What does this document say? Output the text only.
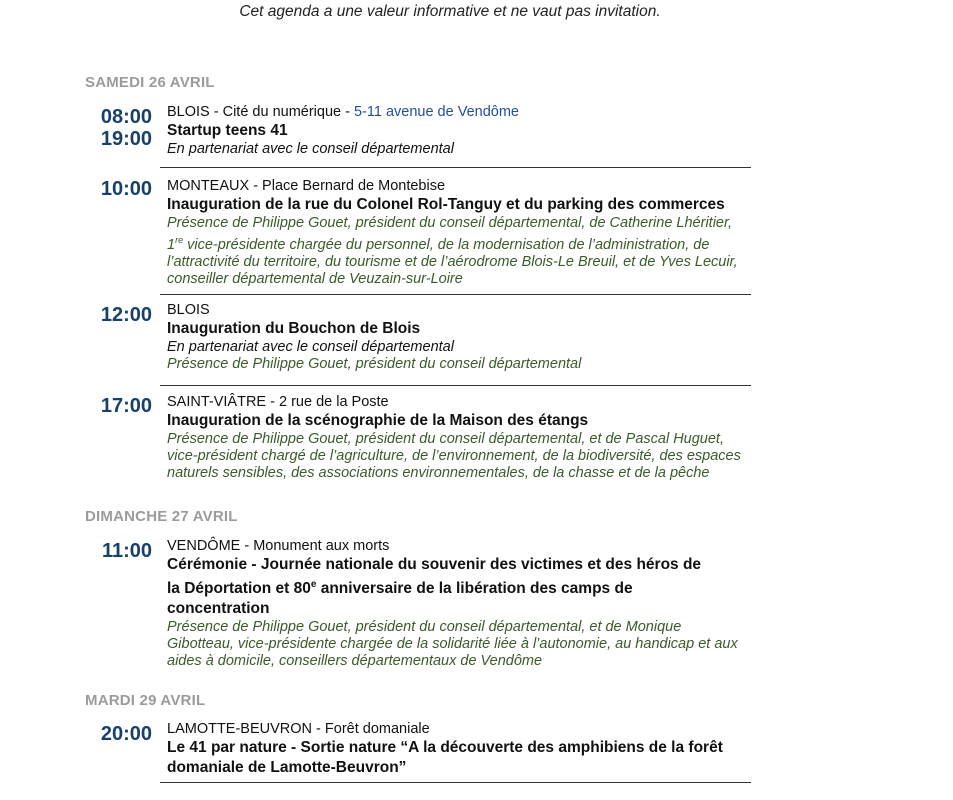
Cet agenda a une valeur informative et ne vaut pas invitation.
SAMEDI 26 AVRIL
08:00
19:00
BLOIS - Cité du numérique - 5-11 avenue de Vendôme
Startup teens 41
En partenariat avec le conseil départemental
10:00 MONTEAUX - Place Bernard de Montebise
Inauguration de la rue du Colonel Rol-Tanguy et du parking des commerces
Présence de Philippe Gouet, président du conseil départemental, de Catherine Lhéritier,
1re vice-présidente chargée du personnel, de la modernisation de l’administration, de
l’attractivité du territoire, du tourisme et de l’aérodrome Blois-Le Breuil, et de Yves Lecuir,
conseiller départemental de Veuzain-sur-Loire
12:00 BLOIS
Inauguration du Bouchon de Blois
En partenariat avec le conseil départemental
Présence de Philippe Gouet, président du conseil départemental
17:00 SAINT-VIÂTRE - 2 rue de la Poste
Inauguration de la scénographie de la Maison des étangs
Présence de Philippe Gouet, président du conseil départemental, et de Pascal Huguet,
vice-président chargé de l’agriculture, de l’environnement, de la biodiversité, des espaces
naturels sensibles, des associations environnementales, de la chasse et de la pêche
DIMANCHE 27 AVRIL
11:00 VENDÔME - Monument aux morts
Cérémonie - Journée nationale du souvenir des victimes et des héros de
la Déportation et 80e anniversaire de la libération des camps de
concentration
Présence de Philippe Gouet, président du conseil départemental, et de Monique
Gibotteau, vice-présidente chargée de la solidarité liée à l’autonomie, au handicap et aux
aides à domicile, conseillers départementaux de Vendôme
MARDI 29 AVRIL
20:00 LAMOTTE-BEUVRON - Forêt domaniale
Le 41 par nature - Sortie nature “A la découverte des amphibiens de la forêt
domaniale de Lamotte-Beuvron”
